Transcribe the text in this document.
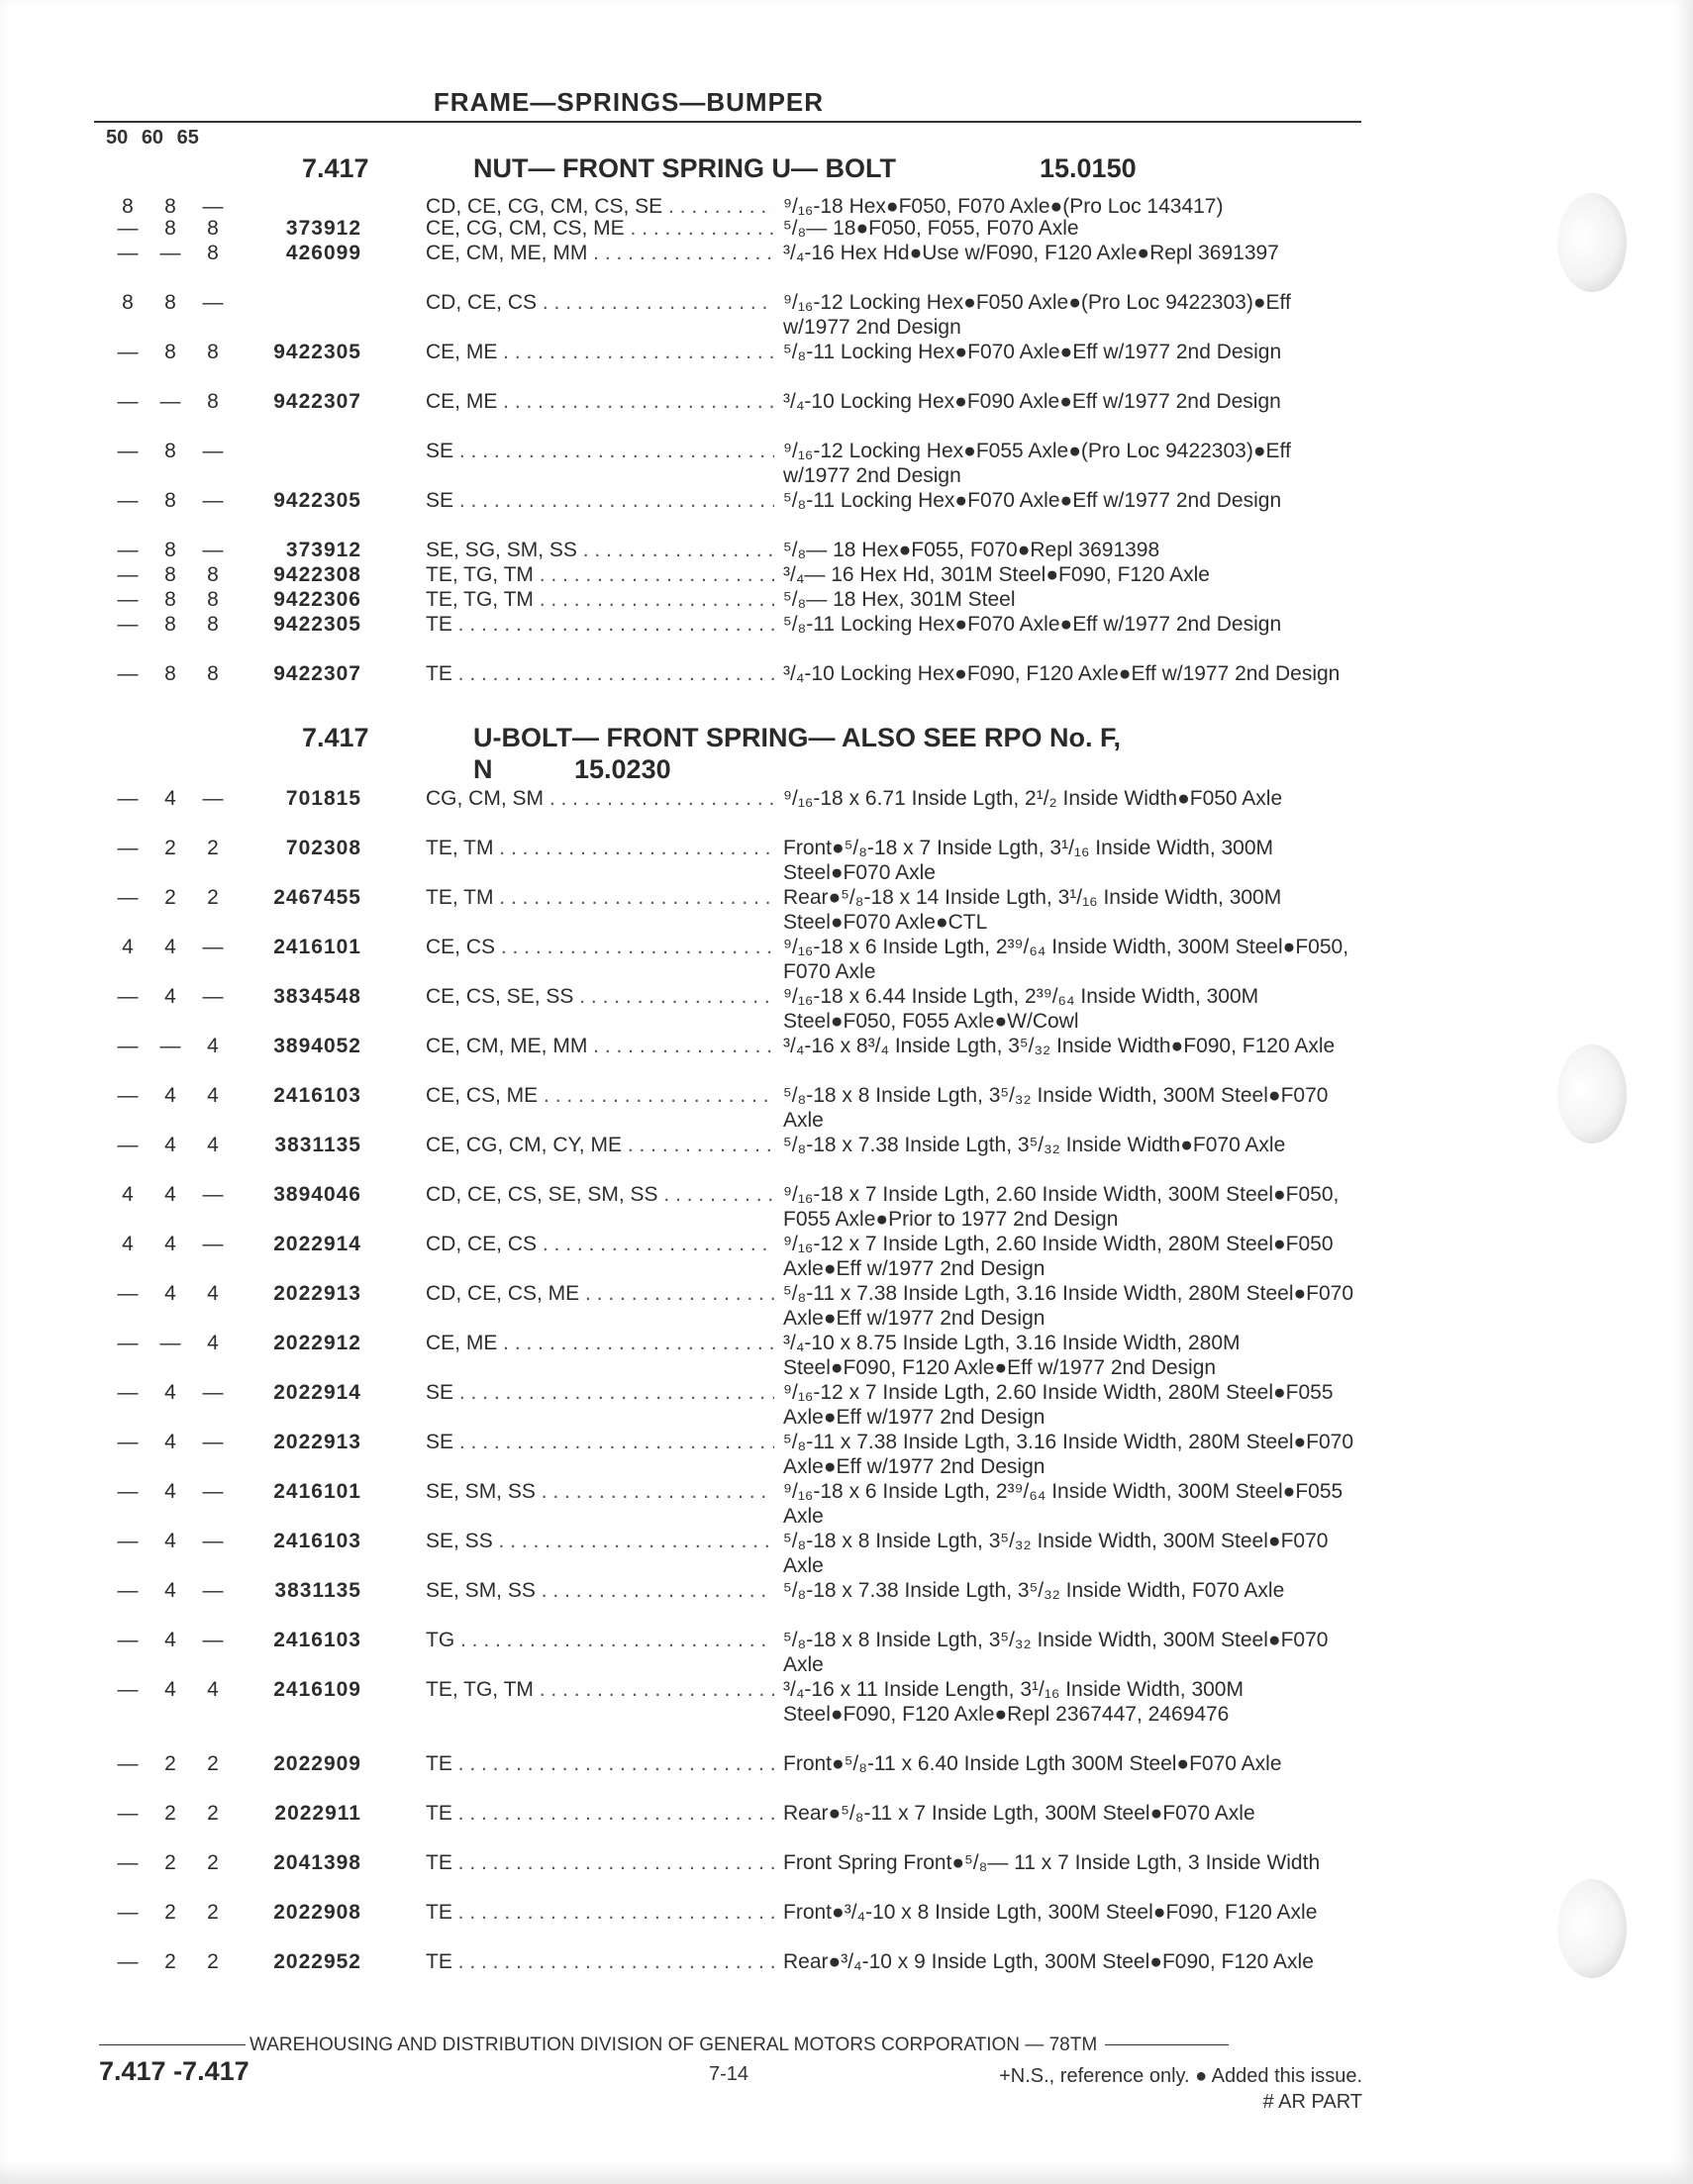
FRAME—SPRINGS—BUMPER
50 60 65
7.417	NUT— FRONT SPRING U— BOLT	15.0150
8	8	—	CD, CE, CG, CM, CS, SE . . .	⁹/₁₆-18 Hex●F050, F070 Axle●(Pro Loc 143417)
—	8	8	373912	CE, CG, CM, CS, ME . . .	⁵/₈— 18●F050, F055, F070 Axle
— —	8	426099	CE, CM, ME, MM . . .	³/₄-16 Hex Hd●Use w/F090, F120 Axle●Repl 3691397
8	8	—	CD, CE, CS . . .	⁹/₁₆-12 Locking Hex●F050 Axle●(Pro Loc 9422303)●Eff w/1977 2nd Design
—	8	8	9422305	CE, ME . . .	⁵/₈-11 Locking Hex●F070 Axle●Eff w/1977 2nd Design
— —	8	9422307	CE, ME . . .	³/₄-10 Locking Hex●F090 Axle●Eff w/1977 2nd Design
—	8	—	SE . . .	⁹/₁₆-12 Locking Hex●F055 Axle●(Pro Loc 9422303)●Eff w/1977 2nd Design
—	8	—	9422305	SE . . .	⁵/₈-11 Locking Hex●F070 Axle●Eff w/1977 2nd Design
—	8	—	373912	SE, SG, SM, SS . . .	⁵/₈— 18 Hex●F055, F070●Repl 3691398
—	8	8	9422308	TE, TG, TM . . .	³/₄— 16 Hex Hd, 301M Steel●F090, F120 Axle
—	8	8	9422306	TE, TG, TM . . .	⁵/₈— 18 Hex, 301M Steel
—	8	8	9422305	TE . . .	⁵/₈-11 Locking Hex●F070 Axle●Eff w/1977 2nd Design
—	8	8	9422307	TE . . .	³/₄-10 Locking Hex●F090, F120 Axle●Eff w/1977 2nd Design
7.417	U-BOLT— FRONT SPRING— ALSO SEE RPO No. F,
N	15.0230
—	4	—	701815	CG, CM, SM . . .	⁹/₁₆-18 x 6.71 Inside Lgth, 2¹/₂ Inside Width●F050 Axle
—	2	2	702308	TE, TM . . .	Front●⁵/₈-18 x 7 Inside Lgth, 3¹/₁₆ Inside Width, 300M Steel●F070 Axle
—	2	2	2467455	TE, TM . . .	Rear●⁵/₈-18 x 14 Inside Lgth, 3¹/₁₆ Inside Width, 300M Steel●F070 Axle●CTL
4	4	—	2416101	CE, CS . . .	⁹/₁₆-18 x 6 Inside Lgth, 2³⁹/₆₄ Inside Width, 300M Steel●F050, F070 Axle
—	4	—	3834548	CE, CS, SE, SS . . .	⁹/₁₆-18 x 6.44 Inside Lgth, 2³⁹/₆₄ Inside Width, 300M Steel●F050, F055 Axle●W/Cowl
— —	4	3894052	CE, CM, ME, MM . . .	³/₄-16 x 8³/₄ Inside Lgth, 3⁵/₃₂ Inside Width●F090, F120 Axle
—	4	4	2416103	CE, CS, ME . . .	⁵/₈-18 x 8 Inside Lgth, 3⁵/₃₂ Inside Width, 300M Steel●F070 Axle
—	4	4	3831135	CE, CG, CM, CY, ME . . .	⁵/₈-18 x 7.38 Inside Lgth, 3⁵/₃₂ Inside Width●F070 Axle
4	4	—	3894046	CD, CE, CS, SE, SM, SS . . .	⁹/₁₆-18 x 7 Inside Lgth, 2.60 Inside Width, 300M Steel●F050, F055 Axle●Prior to 1977 2nd Design
4	4	—	2022914	CD, CE, CS . . .	⁹/₁₆-12 x 7 Inside Lgth, 2.60 Inside Width, 280M Steel●F050 Axle●Eff w/1977 2nd Design
—	4	4	2022913	CD, CE, CS, ME . . .	⁵/₈-11 x 7.38 Inside Lgth, 3.16 Inside Width, 280M Steel●F070 Axle●Eff w/1977 2nd Design
— —	4	2022912	CE, ME . . .	³/₄-10 x 8.75 Inside Lgth, 3.16 Inside Width, 280M Steel●F090, F120 Axle●Eff w/1977 2nd Design
—	4	—	2022914	SE . . .	⁹/₁₆-12 x 7 Inside Lgth, 2.60 Inside Width, 280M Steel●F055 Axle●Eff w/1977 2nd Design
—	4	—	2022913	SE . . .	⁵/₈-11 x 7.38 Inside Lgth, 3.16 Inside Width, 280M Steel●F070 Axle●Eff w/1977 2nd Design
—	4	—	2416101	SE, SM, SS . . .	⁹/₁₆-18 x 6 Inside Lgth, 2³⁹/₆₄ Inside Width, 300M Steel●F055 Axle
—	4	—	2416103	SE, SS . . .	⁵/₈-18 x 8 Inside Lgth, 3⁵/₃₂ Inside Width, 300M Steel●F070 Axle
—	4	—	3831135	SE, SM, SS . . .	⁵/₈-18 x 7.38 Inside Lgth, 3⁵/₃₂ Inside Width, F070 Axle
—	4	—	2416103	TG . . .	⁵/₈-18 x 8 Inside Lgth, 3⁵/₃₂ Inside Width, 300M Steel●F070 Axle
—	4	4	2416109	TE, TG, TM . . .	³/₄-16 x 11 Inside Length, 3¹/₁₆ Inside Width, 300M Steel●F090, F120 Axle●Repl 2367447, 2469476
—	2	2	2022909	TE . . .	Front●⁵/₈-11 x 6.40 Inside Lgth 300M Steel●F070 Axle
—	2	2	2022911	TE . . .	Rear●⁵/₈-11 x 7 Inside Lgth, 300M Steel●F070 Axle
—	2	2	2041398	TE . . .	Front Spring Front●⁵/₈— 11 x 7 Inside Lgth, 3 Inside Width
—	2	2	2022908	TE . . .	Front●³/₄-10 x 8 Inside Lgth, 300M Steel●F090, F120 Axle
—	2	2	2022952	TE . . .	Rear●³/₄-10 x 9 Inside Lgth, 300M Steel●F090, F120 Axle
WAREHOUSING AND DISTRIBUTION DIVISION OF GENERAL MOTORS CORPORATION — 78TM
7.417 -7.417	7-14	+N.S., reference only. ● Added this issue.
# AR PART
